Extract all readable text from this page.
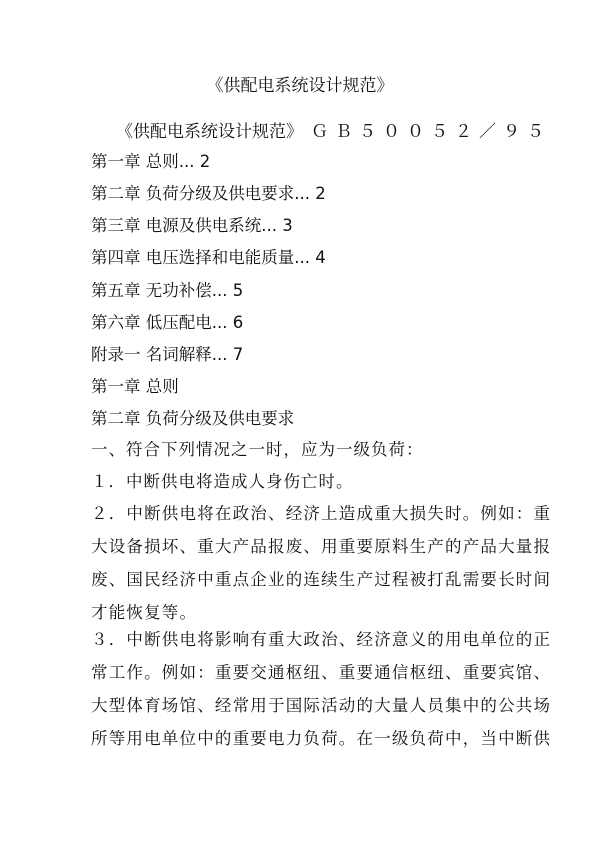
《供配电系统设计规范》
《供配电系统设计规范》 ＧＢ５００５２／９５
第一章 总则... 2
第二章 负荷分级及供电要求... 2
第三章 电源及供电系统... 3
第四章 电压选择和电能质量... 4
第五章 无功补偿... 5
第六章 低压配电... 6
附录一 名词解释... 7
第一章 总则
第二章 负荷分级及供电要求
一、符合下列情况之一时，应为一级负荷：
１．中断供电将造成人身伤亡时。
２．中断供电将在政治、经济上造成重大损失时。例如：重
大设备损坏、重大产品报废、用重要原料生产的产品大量报
废、国民经济中重点企业的连续生产过程被打乱需要长时间
才能恢复等。
３．中断供电将影响有重大政治、经济意义的用电单位的正
常工作。例如：重要交通枢纽、重要通信枢纽、重要宾馆、
大型体育场馆、经常用于国际活动的大量人员集中的公共场
所等用电单位中的重要电力负荷。在一级负荷中，当中断供
